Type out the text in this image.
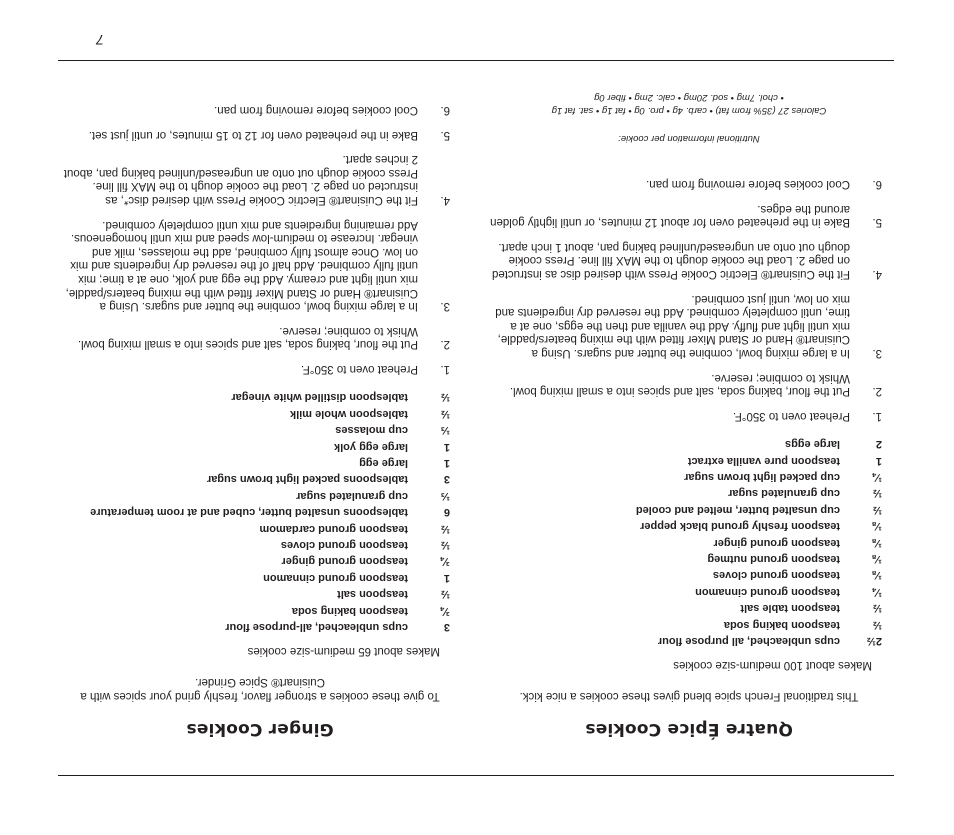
Quatre Épice Cookies

This traditional French spice blend gives these cookies a nice kick.

Makes about 100 medium-size cookies
2½
cups unbleached, all purpose flour
½
teaspoon baking soda
½
teaspoon table salt
¼
teaspoon ground cinnamon
⅛
teaspoon ground cloves
⅛
teaspoon ground nutmeg
⅛
teaspoon ground ginger
⅛
teaspoon freshly ground black pepper
½
cup unsalted butter, melted and cooled
½
cup granulated sugar
¼
cup packed light brown sugar
1
teaspoon pure vanilla extract
2
large eggs
1.
Preheat oven to 350°F.
2.
Put the flour, baking soda, salt and spices into a small mixing bowl. Whisk to combine; reserve.
3.
In a large mixing bowl, combine the butter and sugars. Using a Cuisinart® Hand or Stand Mixer fitted with the mixing beaters/paddle, mix until light and fluffy. Add the vanilla and then the eggs, one at a time, until completely combined. Add the reserved dry ingredients and mix on low, until just combined.
4.
Fit the Cuisinart® Electric Cookie Press with desired disc as instructed on page 2. Load the cookie dough to the MAX fill line. Press cookie dough out onto an ungreased/unlined baking pan, about 1 inch apart.
5.
Bake in the preheated oven for about 12 minutes, or until lightly golden around the edges.
6.
Cool cookies before removing from pan.
Nutritional information per cookie:
Calories 27 (35% from fat) • carb. 4g • pro. 0g • fat 1g • sat. fat 1g
• chol. 7mg • sod. 20mg • calc. 2mg • fiber 0g
Ginger Cookies

To give these cookies a stronger flavor, freshly grind your spices with a Cuisinart® Spice Grinder.

Makes about 65 medium-size cookies
3
cups unbleached, all-purpose flour
¾
teaspoon baking soda
½
teaspoon salt
1
teaspoon ground cinnamon
¾
teaspoon ground ginger
½
teaspoon ground cloves
½
teaspoon ground cardamom
6
tablespoons unsalted butter, cubed and at room temperature
⅓
cup granulated sugar
3
tablespoons packed light brown sugar
1
large egg
1
large egg yolk
⅓
cup molasses
½
tablespoon whole milk
½
tablespoon distilled white vinegar
1.
Preheat oven to 350°F.
2.
Put the flour, baking soda, salt and spices into a small mixing bowl. Whisk to combine; reserve.
3.
In a large mixing bowl, combine the butter and sugars. Using a Cuisinart® Hand or Stand Mixer fitted with the mixing beaters/paddle, mix until light and creamy. Add the egg and yolk, one at a time; mix until fully combined. Add half of the reserved dry ingredients and mix on low. Once almost fully combined, add the molasses, milk and vinegar. Increase to medium-low speed and mix until homogeneous. Add remaining ingredients and mix until completely combined.
4.
Fit the Cuisinart® Electric Cookie Press with desired disc*, as instructed on page 2. Load the cookie dough to the MAX fill line. Press cookie dough out onto an ungreased/unlined baking pan, about 2 inches apart.
5.
Bake in the preheated oven for 12 to 15 minutes, or until just set.
6.
Cool cookies before removing from pan.
7
